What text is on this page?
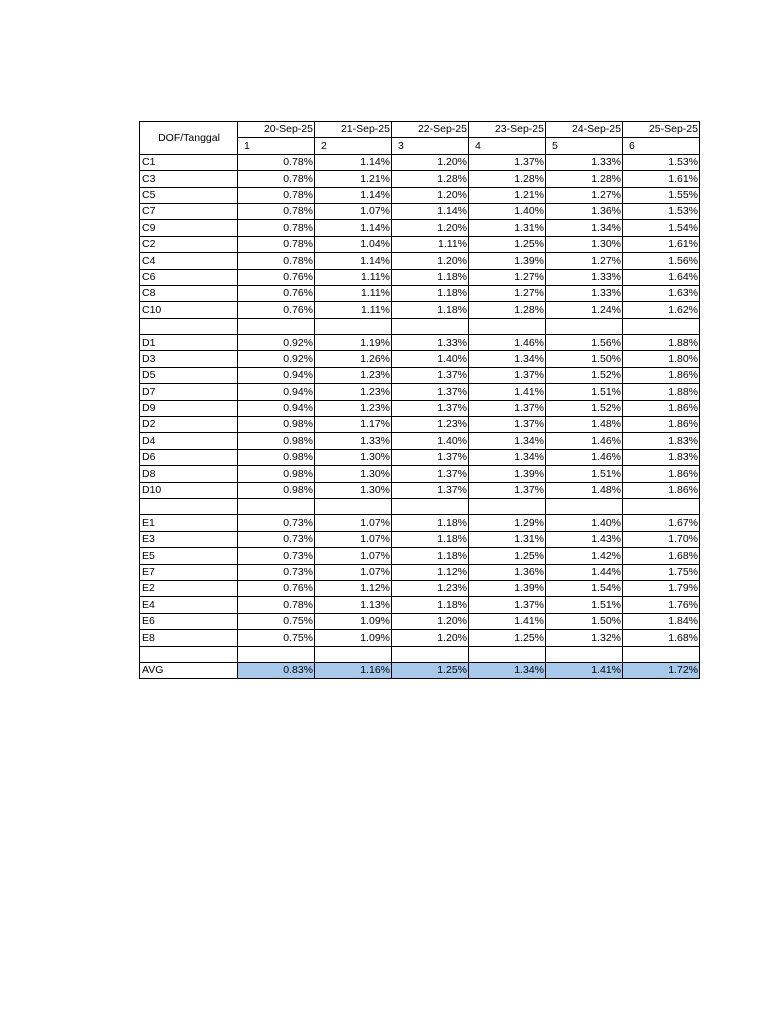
DOF/Tanggal	20-Sep-25	21-Sep-25	22-Sep-25	23-Sep-25	24-Sep-25	25-Sep-25
	1	2	3	4	5	6
C1	0.78%	1.14%	1.20%	1.37%	1.33%	1.53%
C3	0.78%	1.21%	1.28%	1.28%	1.28%	1.61%
C5	0.78%	1.14%	1.20%	1.21%	1.27%	1.55%
C7	0.78%	1.07%	1.14%	1.40%	1.36%	1.53%
C9	0.78%	1.14%	1.20%	1.31%	1.34%	1.54%
C2	0.78%	1.04%	1.11%	1.25%	1.30%	1.61%
C4	0.78%	1.14%	1.20%	1.39%	1.27%	1.56%
C6	0.76%	1.11%	1.18%	1.27%	1.33%	1.64%
C8	0.76%	1.11%	1.18%	1.27%	1.33%	1.63%
C10	0.76%	1.11%	1.18%	1.28%	1.24%	1.62%

D1	0.92%	1.19%	1.33%	1.46%	1.56%	1.88%
D3	0.92%	1.26%	1.40%	1.34%	1.50%	1.80%
D5	0.94%	1.23%	1.37%	1.37%	1.52%	1.86%
D7	0.94%	1.23%	1.37%	1.41%	1.51%	1.88%
D9	0.94%	1.23%	1.37%	1.37%	1.52%	1.86%
D2	0.98%	1.17%	1.23%	1.37%	1.48%	1.86%
D4	0.98%	1.33%	1.40%	1.34%	1.46%	1.83%
D6	0.98%	1.30%	1.37%	1.34%	1.46%	1.83%
D8	0.98%	1.30%	1.37%	1.39%	1.51%	1.86%
D10	0.98%	1.30%	1.37%	1.37%	1.48%	1.86%

E1	0.73%	1.07%	1.18%	1.29%	1.40%	1.67%
E3	0.73%	1.07%	1.18%	1.31%	1.43%	1.70%
E5	0.73%	1.07%	1.18%	1.25%	1.42%	1.68%
E7	0.73%	1.07%	1.12%	1.36%	1.44%	1.75%
E2	0.76%	1.12%	1.23%	1.39%	1.54%	1.79%
E4	0.78%	1.13%	1.18%	1.37%	1.51%	1.76%
E6	0.75%	1.09%	1.20%	1.41%	1.50%	1.84%
E8	0.75%	1.09%	1.20%	1.25%	1.32%	1.68%

AVG	0.83%	1.16%	1.25%	1.34%	1.41%	1.72%
